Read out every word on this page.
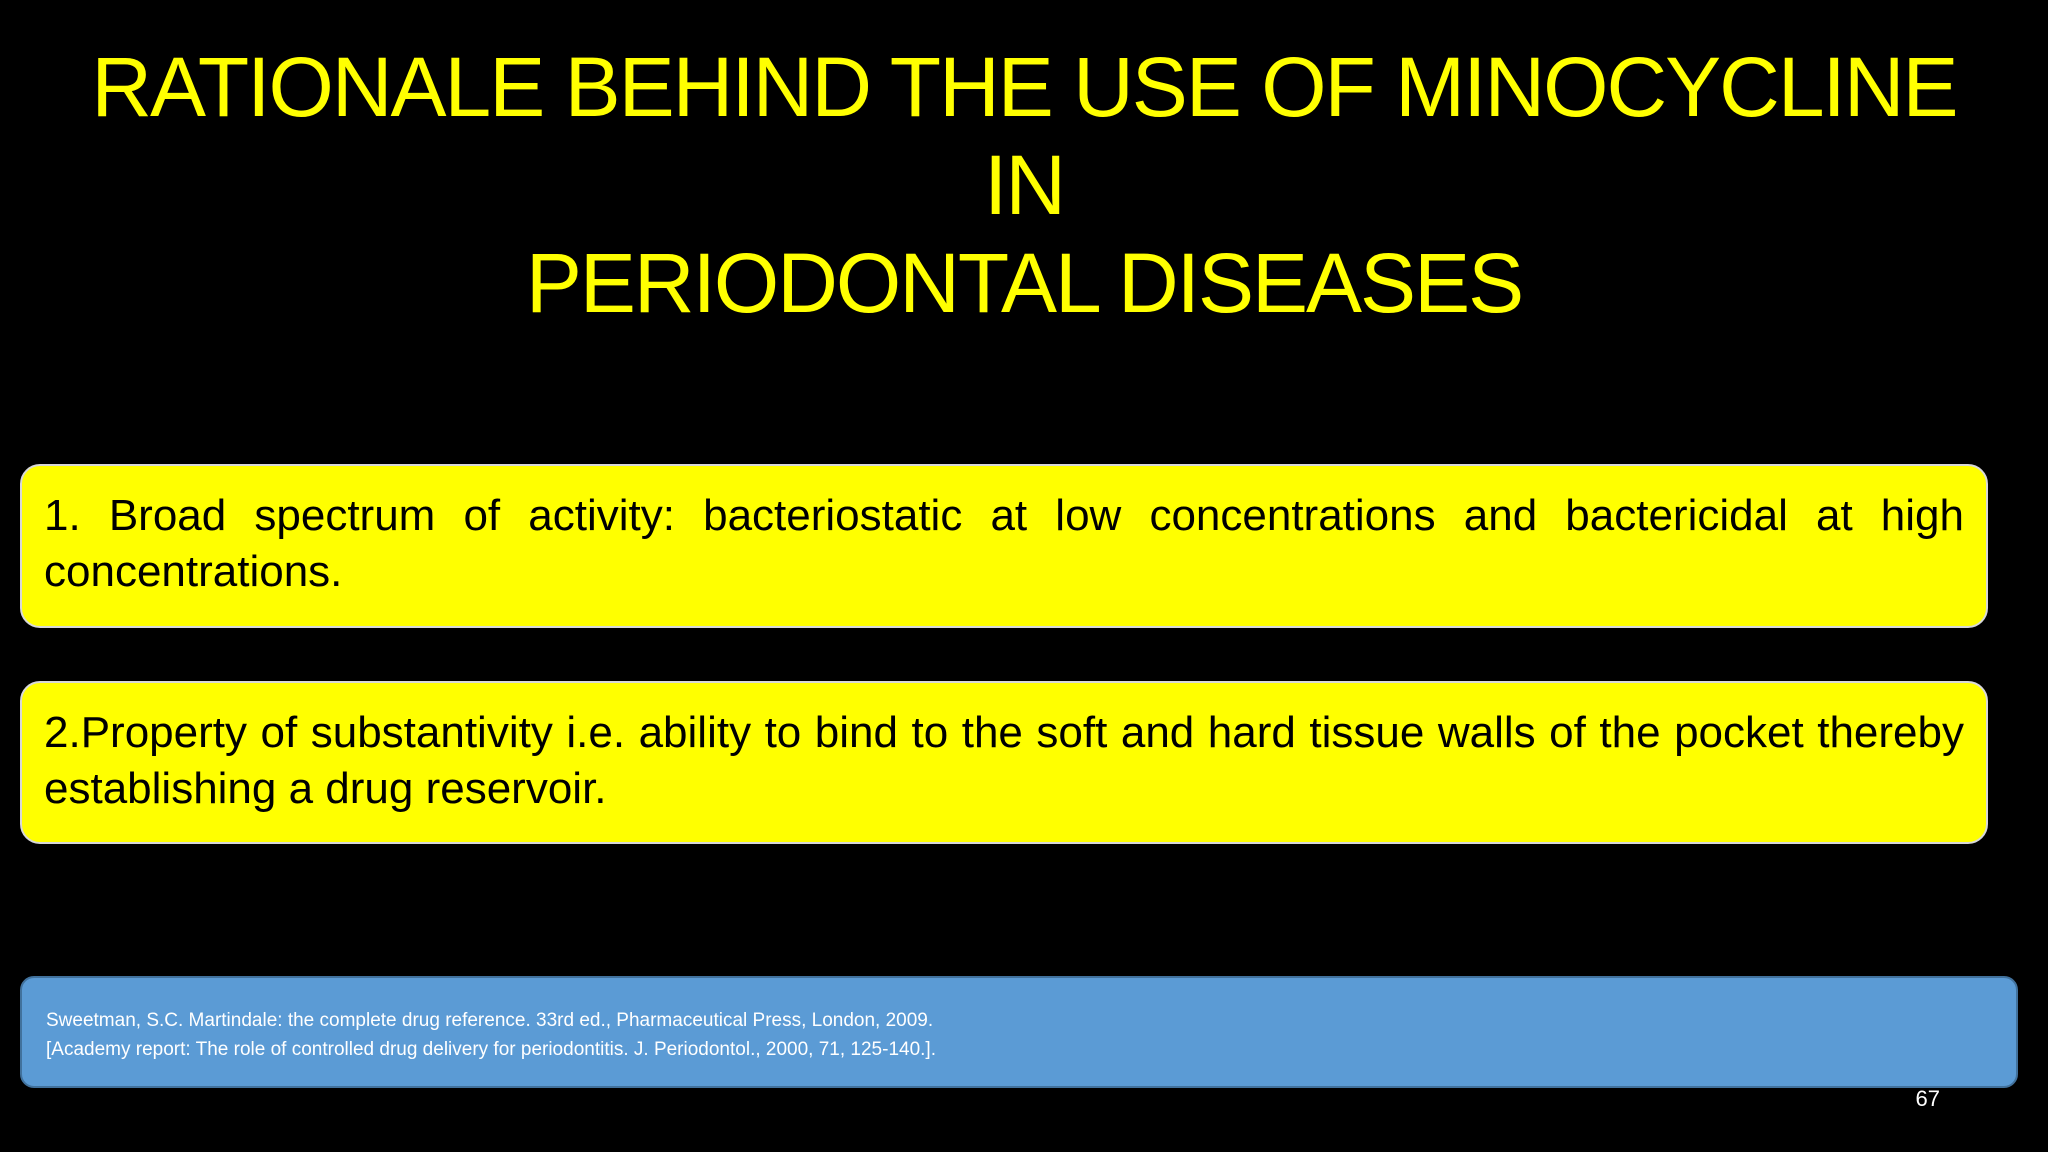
RATIONALE BEHIND THE USE OF MINOCYCLINE IN
PERIODONTAL DISEASES
1. Broad spectrum of activity: bacteriostatic at low concentrations and bactericidal at high concentrations.
2.Property of substantivity i.e. ability to bind to the soft and hard tissue walls of the pocket thereby establishing a drug reservoir.
Sweetman, S.C. Martindale: the complete drug reference. 33rd ed., Pharmaceutical Press, London, 2009.
[Academy report: The role of controlled drug delivery for periodontitis. J. Periodontol., 2000, 71, 125-140.].
67
